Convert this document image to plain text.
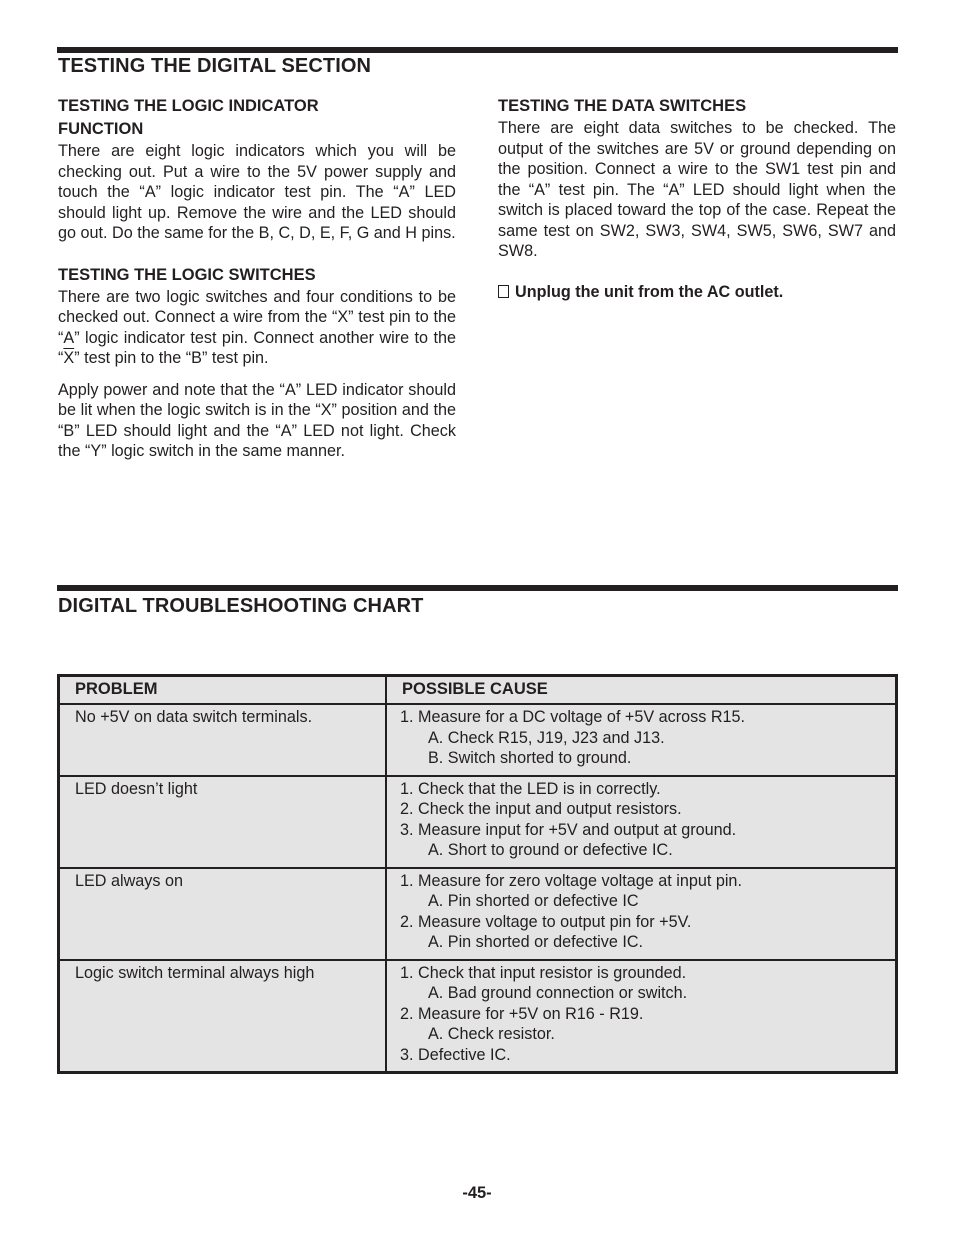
TESTING THE DIGITAL SECTION
TESTING THE LOGIC INDICATOR
FUNCTION

There are eight logic indicators which you will be checking out. Put a wire to the 5V power supply and touch the “A” logic indicator test pin. The “A” LED should light up. Remove the wire and the LED should go out. Do the same for the B, C, D, E, F, G and H pins.

TESTING THE LOGIC SWITCHES

There are two logic switches and four conditions to be checked out. Connect a wire from the “X” test pin to the “A” logic indicator test pin. Connect another wire to the “$\overline{X}$” test pin to the “B” test pin.

Apply power and note that the “A” LED indicator should be lit when the logic switch is in the “X” position and the “B” LED should light and the “A” LED not light. Check the “Y” logic switch in the same manner.

TESTING THE DATA SWITCHES

There are eight data switches to be checked. The output of the switches are 5V or ground depending on the position. Connect a wire to the SW1 test pin and the “A” test pin. The “A” LED should light when the switch is placed toward the top of the case. Repeat the same test on SW2, SW3, SW4, SW5, SW6, SW7 and SW8.

Unplug the unit from the AC outlet.

DIGITAL TROUBLESHOOTING CHART
PROBLEM	POSSIBLE CAUSE
No +5V on data switch terminals.	1. Measure for a DC voltage of +5V across R15.
A. Check R15, J19, J23 and J13.
B. Switch shorted to ground.

LED doesn’t light	1. Check that the LED is in correctly.
2. Check the input and output resistors.
3. Measure input for +5V and output at ground.
A. Short to ground or defective IC.

LED always on	1. Measure for zero voltage voltage at input pin.
A. Pin shorted or defective IC
2. Measure voltage to output pin for +5V.
A. Pin shorted or defective IC.

Logic switch terminal always high	1. Check that input resistor is grounded.
A. Bad ground connection or switch.
2. Measure for +5V on R16 - R19.
A. Check resistor.
3. Defective IC.
-45-
